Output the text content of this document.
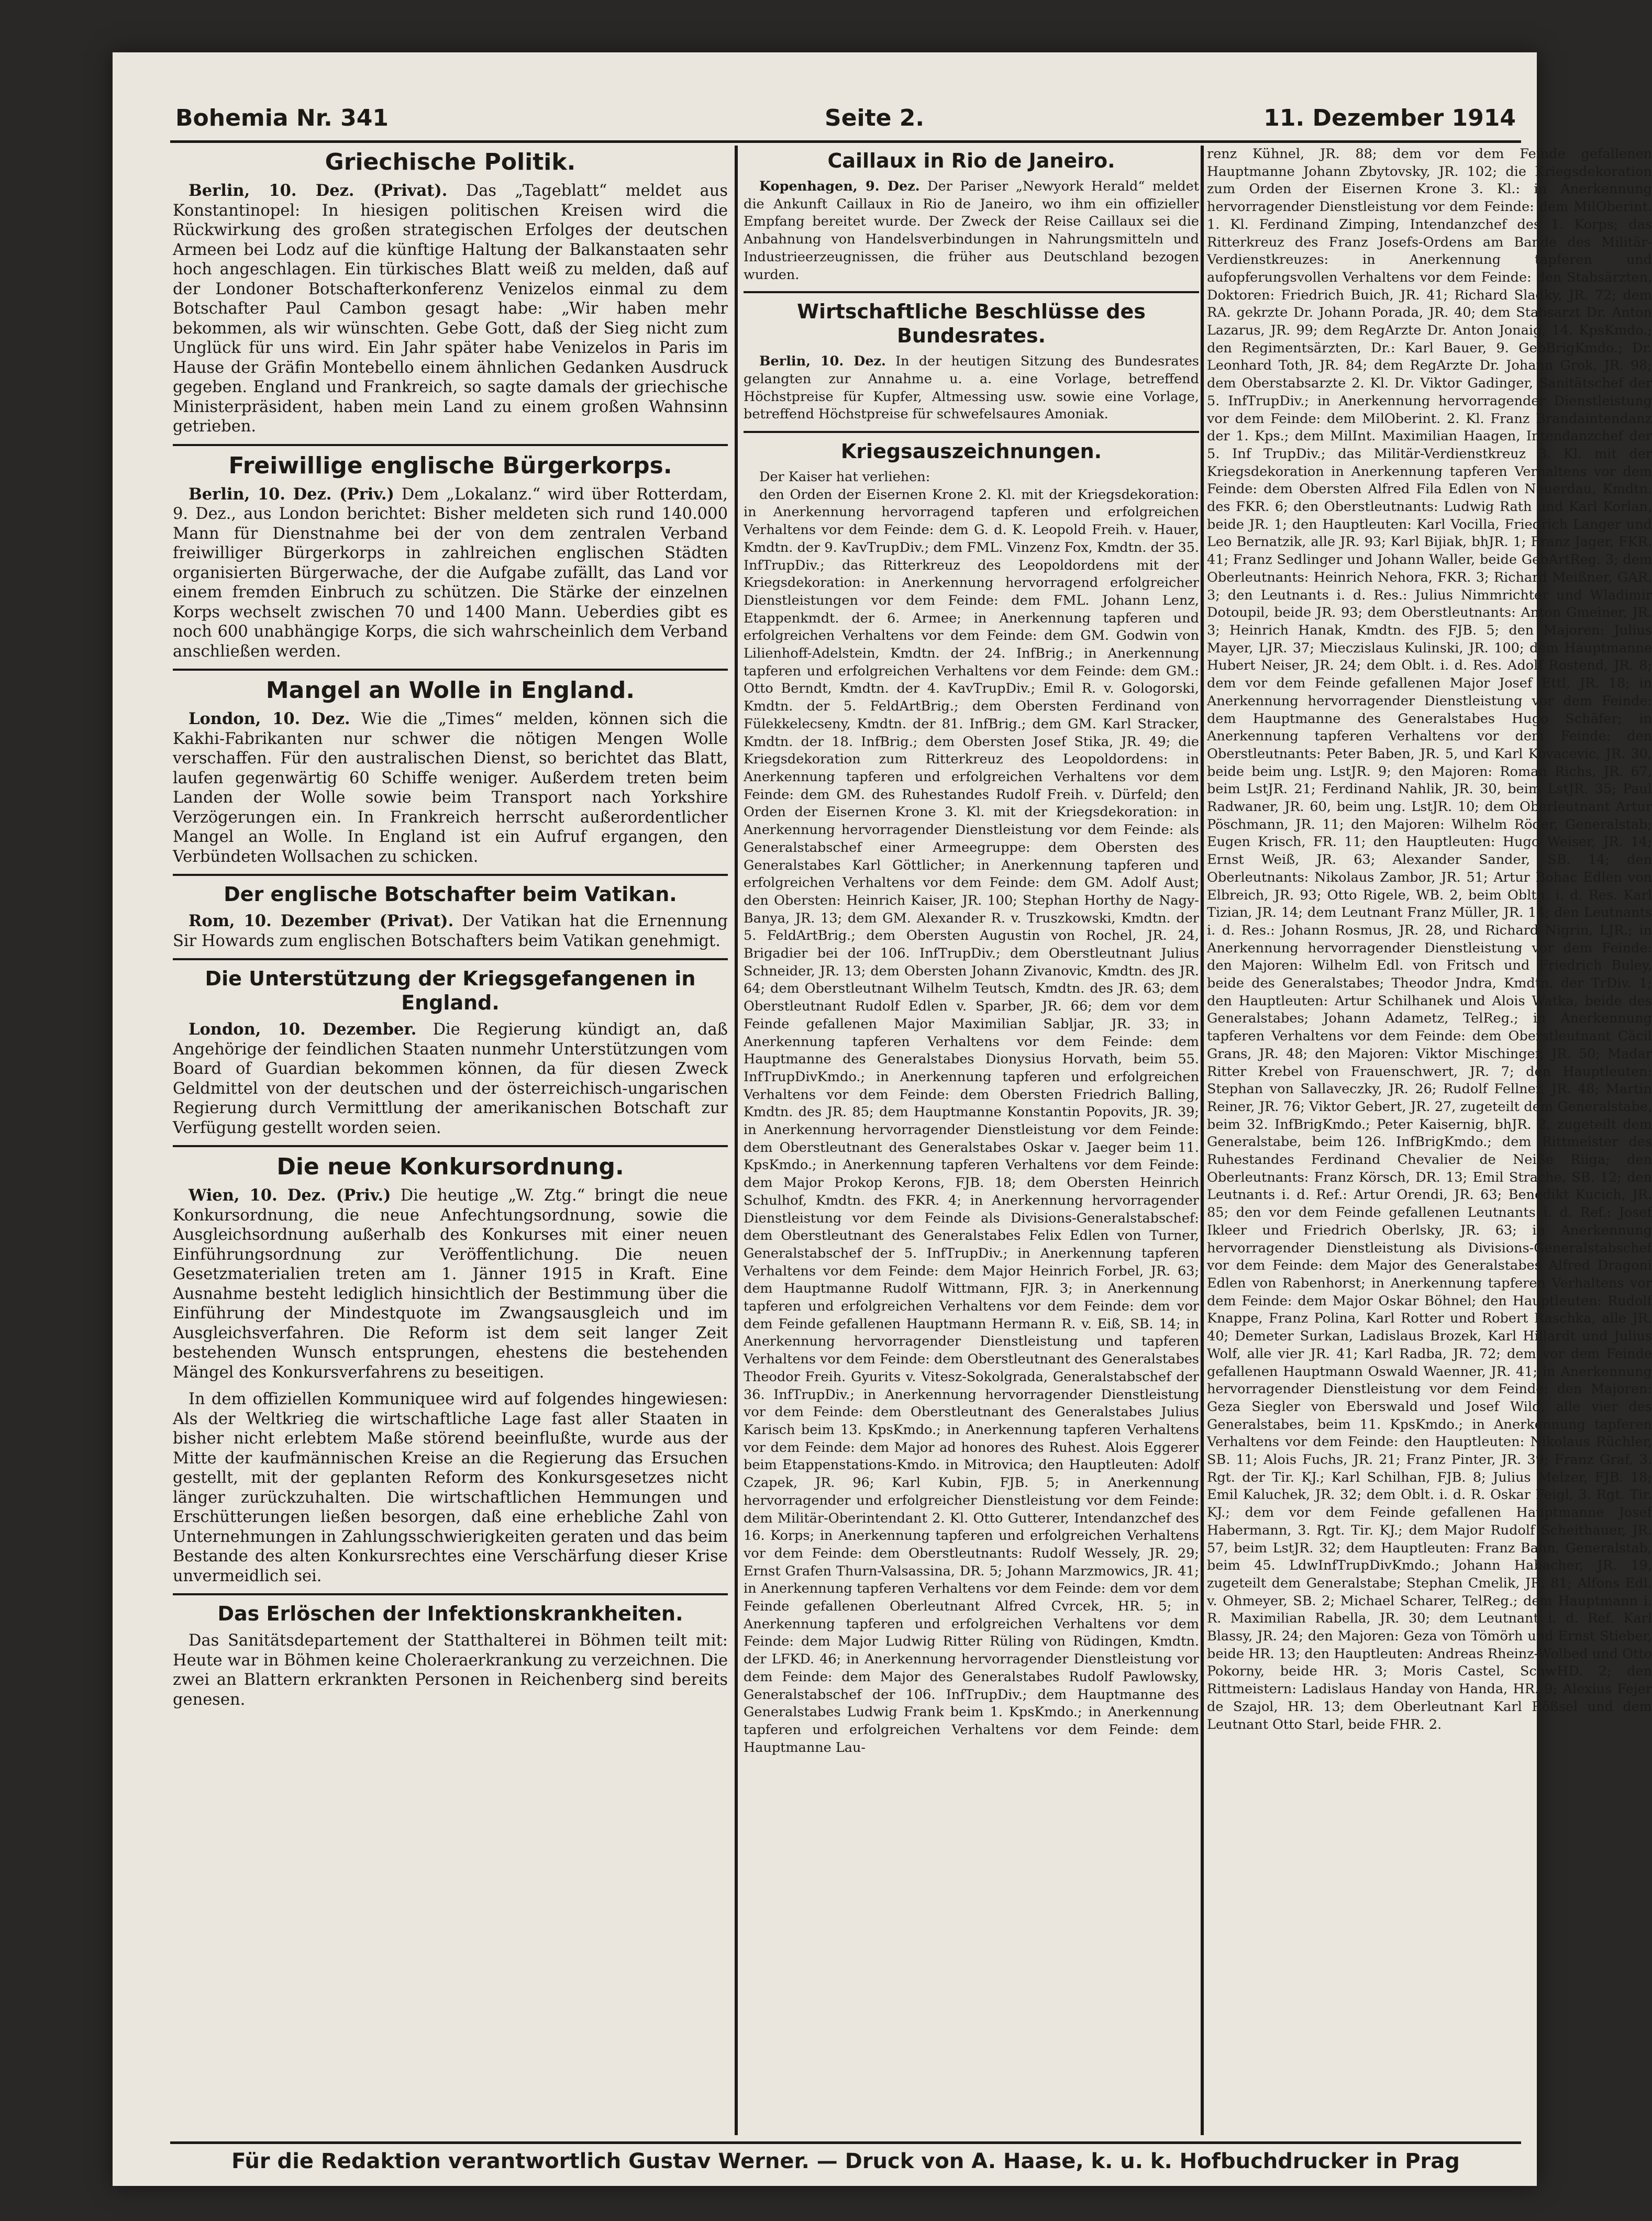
Bohemia Nr. 341	Seite 2.	11. Dezember 1914
Griechische Politik.

Berlin, 10. Dez. (Privat). Das „Tageblatt“ meldet aus Konstantinopel: In hiesigen politischen Kreisen wird die Rückwirkung des großen strategischen Erfolges der deutschen Armeen bei Lodz auf die künftige Haltung der Balkanstaaten sehr hoch angeschlagen. Ein türkisches Blatt weiß zu melden, daß auf der Londoner Botschafterkonferenz Venizelos einmal zu dem Botschafter Paul Cambon gesagt habe: „Wir haben mehr bekommen, als wir wünschten. Gebe Gott, daß der Sieg nicht zum Unglück für uns wird. Ein Jahr später habe Venizelos in Paris im Hause der Gräfin Montebello einem ähnlichen Gedanken Ausdruck gegeben. England und Frankreich, so sagte damals der griechische Ministerpräsident, haben mein Land zu einem großen Wahnsinn getrieben.

Freiwillige englische Bürgerkorps.

Berlin, 10. Dez. (Priv.) Dem „Lokalanz.“ wird über Rotterdam, 9. Dez., aus London berichtet: Bisher meldeten sich rund 140.000 Mann für Dienstnahme bei der von dem zentralen Verband freiwilliger Bürgerkorps in zahlreichen englischen Städten organisierten Bürgerwache, der die Aufgabe zufällt, das Land vor einem fremden Einbruch zu schützen. Die Stärke der einzelnen Korps wechselt zwischen 70 und 1400 Mann. Ueberdies gibt es noch 600 unabhängige Korps, die sich wahrscheinlich dem Verband anschließen werden.

Mangel an Wolle in England.

London, 10. Dez. Wie die „Times“ melden, können sich die Kakhi-Fabrikanten nur schwer die nötigen Mengen Wolle verschaffen. Für den australischen Dienst, so berichtet das Blatt, laufen gegenwärtig 60 Schiffe weniger. Außerdem treten beim Landen der Wolle sowie beim Transport nach Yorkshire Verzögerungen ein. In Frankreich herrscht außerordentlicher Mangel an Wolle. In England ist ein Aufruf ergangen, den Verbündeten Wollsachen zu schicken.

Der englische Botschafter beim Vatikan.

Rom, 10. Dezember (Privat). Der Vatikan hat die Ernennung Sir Howards zum englischen Botschafters beim Vatikan genehmigt.

Die Unterstützung der Kriegsgefangenen in England.

London, 10. Dezember. Die Regierung kündigt an, daß Angehörige der feindlichen Staaten nunmehr Unterstützungen vom Board of Guardian bekommen können, da für diesen Zweck Geldmittel von der deutschen und der österreichisch-ungarischen Regierung durch Vermittlung der amerikanischen Botschaft zur Verfügung gestellt worden seien.

Die neue Konkursordnung.

Wien, 10. Dez. (Priv.) Die heutige „W. Ztg.“ bringt die neue Konkursordnung, die neue Anfechtungsordnung, sowie die Ausgleichsordnung außerhalb des Konkurses mit einer neuen Einführungsordnung zur Veröffentlichung. Die neuen Gesetzmaterialien treten am 1. Jänner 1915 in Kraft. Eine Ausnahme besteht lediglich hinsichtlich der Bestimmung über die Einführung der Mindestquote im Zwangsausgleich und im Ausgleichsverfahren. Die Reform ist dem seit langer Zeit bestehenden Wunsch entsprungen, ehestens die bestehenden Mängel des Konkursverfahrens zu beseitigen.

In dem offiziellen Kommuniquee wird auf folgendes hingewiesen: Als der Weltkrieg die wirtschaftliche Lage fast aller Staaten in bisher nicht erlebtem Maße störend beeinflußte, wurde aus der Mitte der kaufmännischen Kreise an die Regierung das Ersuchen gestellt, mit der geplanten Reform des Konkursgesetzes nicht länger zurückzuhalten. Die wirtschaftlichen Hemmungen und Erschütterungen ließen besorgen, daß eine erhebliche Zahl von Unternehmungen in Zahlungsschwierigkeiten geraten und das beim Bestande des alten Konkursrechtes eine Verschärfung dieser Krise unvermeidlich sei.

Das Erlöschen der Infektionskrankheiten.

Das Sanitätsdepartement der Statthalterei in Böhmen teilt mit: Heute war in Böhmen keine Choleraerkrankung zu verzeichnen. Die zwei an Blattern erkrankten Personen in Reichenberg sind bereits genesen.

Caillaux in Rio de Janeiro.

Kopenhagen, 9. Dez. Der Pariser „Newyork Herald“ meldet die Ankunft Caillaux in Rio de Janeiro, wo ihm ein offizieller Empfang bereitet wurde. Der Zweck der Reise Caillaux sei die Anbahnung von Handelsverbindungen in Nahrungsmitteln und Industrieerzeugnissen, die früher aus Deutschland bezogen wurden.

Wirtschaftliche Beschlüsse des Bundesrates.

Berlin, 10. Dez. In der heutigen Sitzung des Bundesrates gelangten zur Annahme u. a. eine Vorlage, betreffend Höchstpreise für Kupfer, Altmessing usw. sowie eine Vorlage, betreffend Höchstpreise für schwefelsaures Amoniak.

Kriegsauszeichnungen.

Der Kaiser hat verliehen:

den Orden der Eisernen Krone 2. Kl. mit der Kriegsdekoration: in Anerkennung hervorragend tapferen und erfolgreichen Verhaltens vor dem Feinde: dem G. d. K. Leopold Freih. v. Hauer, Kmdtn. der 9. KavTrupDiv.; dem FML. Vinzenz Fox, Kmdtn. der 35. InfTrupDiv.; das Ritterkreuz des Leopoldordens mit der Kriegsdekoration: in Anerkennung hervorragend erfolgreicher Dienstleistungen vor dem Feinde: dem FML. Johann Lenz, Etappenkmdt. der 6. Armee; in Anerkennung tapferen und erfolgreichen Verhaltens vor dem Feinde: dem GM. Godwin von Lilienhoff-Adelstein, Kmdtn. der 24. InfBrig.; in Anerkennung tapferen und erfolgreichen Verhaltens vor dem Feinde: dem GM.: Otto Berndt, Kmdtn. der 4. KavTrupDiv.; Emil R. v. Gologorski, Kmdtn. der 5. FeldArtBrig.; dem Obersten Ferdinand von Fülekkelecseny, Kmdtn. der 81. InfBrig.; dem GM. Karl Stracker, Kmdtn. der 18. InfBrig.; dem Obersten Josef Stika, JR. 49; die Kriegsdekoration zum Ritterkreuz des Leopoldordens: in Anerkennung tapferen und erfolgreichen Verhaltens vor dem Feinde: dem GM. des Ruhestandes Rudolf Freih. v. Dürfeld; den Orden der Eisernen Krone 3. Kl. mit der Kriegsdekoration: in Anerkennung hervorragender Dienstleistung vor dem Feinde: als Generalstabschef einer Armeegruppe: dem Obersten des Generalstabes Karl Göttlicher; in Anerkennung tapferen und erfolgreichen Verhaltens vor dem Feinde: dem GM. Adolf Aust; den Obersten: Heinrich Kaiser, JR. 100; Stephan Horthy de Nagy-Banya, JR. 13; dem GM. Alexander R. v. Truszkowski, Kmdtn. der 5. FeldArtBrig.; dem Obersten Augustin von Rochel, JR. 24, Brigadier bei der 106. InfTrupDiv.; dem Oberstleutnant Julius Schneider, JR. 13; dem Obersten Johann Zivanovic, Kmdtn. des JR. 64; dem Oberstleutnant Wilhelm Teutsch, Kmdtn. des JR. 63; dem Oberstleutnant Rudolf Edlen v. Sparber, JR. 66; dem vor dem Feinde gefallenen Major Maximilian Sabljar, JR. 33; in Anerkennung tapferen Verhaltens vor dem Feinde: dem Hauptmanne des Generalstabes Dionysius Horvath, beim 55. InfTrupDivKmdo.; in Anerkennung tapferen und erfolgreichen Verhaltens vor dem Feinde: dem Obersten Friedrich Balling, Kmdtn. des JR. 85; dem Hauptmanne Konstantin Popovits, JR. 39; in Anerkennung hervorragender Dienstleistung vor dem Feinde: dem Oberstleutnant des Generalstabes Oskar v. Jaeger beim 11. KpsKmdo.; in Anerkennung tapferen Verhaltens vor dem Feinde: dem Major Prokop Kerons, FJB. 18; dem Obersten Heinrich Schulhof, Kmdtn. des FKR. 4; in Anerkennung hervorragender Dienstleistung vor dem Feinde als Divisions-Generalstabschef: dem Oberstleutnant des Generalstabes Felix Edlen von Turner, Generalstabschef der 5. InfTrupDiv.; in Anerkennung tapferen Verhaltens vor dem Feinde: dem Major Heinrich Forbel, JR. 63; dem Hauptmanne Rudolf Wittmann, FJR. 3; in Anerkennung tapferen und erfolgreichen Verhaltens vor dem Feinde: dem vor dem Feinde gefallenen Hauptmann Hermann R. v. Eiß, SB. 14; in Anerkennung hervorragender Dienstleistung und tapferen Verhaltens vor dem Feinde: dem Oberstleutnant des Generalstabes Theodor Freih. Gyurits v. Vitesz-Sokolgrada, Generalstabschef der 36. InfTrupDiv.; in Anerkennung hervorragender Dienstleistung vor dem Feinde: dem Oberstleutnant des Generalstabes Julius Karisch beim 13. KpsKmdo.; in Anerkennung tapferen Verhaltens vor dem Feinde: dem Major ad honores des Ruhest. Alois Eggerer beim Etappenstations-Kmdo. in Mitrovica; den Hauptleuten: Adolf Czapek, JR. 96; Karl Kubin, FJB. 5; in Anerkennung hervorragender und erfolgreicher Dienstleistung vor dem Feinde: dem Militär-Oberintendant 2. Kl. Otto Gutterer, Intendanzchef des 16. Korps; in Anerkennung tapferen und erfolgreichen Verhaltens vor dem Feinde: dem Oberstleutnants: Rudolf Wessely, JR. 29; Ernst Grafen Thurn-Valsassina, DR. 5; Johann Marzmowics, JR. 41; in Anerkennung tapferen Verhaltens vor dem Feinde: dem vor dem Feinde gefallenen Oberleutnant Alfred Cvrcek, HR. 5; in Anerkennung tapferen und erfolgreichen Verhaltens vor dem Feinde: dem Major Ludwig Ritter Rüling von Rüdingen, Kmdtn. der LFKD. 46; in Anerkennung hervorragender Dienstleistung vor dem Feinde: dem Major des Generalstabes Rudolf Pawlowsky, Generalstabschef der 106. InfTrupDiv.; dem Hauptmanne des Generalstabes Ludwig Frank beim 1. KpsKmdo.; in Anerkennung tapferen und erfolgreichen Verhaltens vor dem Feinde: dem Hauptmanne Lau-

renz Kühnel, JR. 88; dem vor dem Feinde gefallenen Hauptmanne Johann Zbytovsky, JR. 102; die Kriegsdekoration zum Orden der Eisernen Krone 3. Kl.: in Anerkennung hervorragender Dienstleistung vor dem Feinde: dem MilOberint. 1. Kl. Ferdinand Zimping, Intendanzchef des 1. Korps; das Ritterkreuz des Franz Josefs-Ordens am Bande des Militär-Verdienstkreuzes: in Anerkennung tapferen und aufopferungsvollen Verhaltens vor dem Feinde: den Stabsärzten, Doktoren: Friedrich Buich, JR. 41; Richard Sladky, JR. 72; dem RA. gekrzte Dr. Johann Porada, JR. 40; dem Stabsarzt Dr. Anton Lazarus, JR. 99; dem RegArzte Dr. Anton Jonaig, 14. KpsKmdo.; den Regimentsärzten, Dr.: Karl Bauer, 9. GebBrigKmdo.; Dr. Leonhard Toth, JR. 84; dem RegArzte Dr. Johann Grok, JR. 98; dem Oberstabsarzte 2. Kl. Dr. Viktor Gadinger, Sanitätschef der 5. InfTrupDiv.; in Anerkennung hervorragender Dienstleistung vor dem Feinde: dem MilOberint. 2. Kl. Franz Brandaintendanz der 1. Kps.; dem MilInt. Maximilian Haagen, Intendanzchef der 5. Inf TrupDiv.; das Militär-Verdienstkreuz 3. Kl. mit der Kriegsdekoration in Anerkennung tapferen Verhaltens vor dem Feinde: dem Obersten Alfred Fila Edlen von Neuerdau, Kmdtn. des FKR. 6; den Oberstleutnants: Ludwig Rath und Karl Korlan, beide JR. 1; den Hauptleuten: Karl Vocilla, Friedrich Langer und Leo Bernatzik, alle JR. 93; Karl Bijiak, bhJR. 1; Franz Jager, FKR. 41; Franz Sedlinger und Johann Waller, beide GebArtReg. 3; dem Oberleutnants: Heinrich Nehora, FKR. 3; Richard Meißner, GAR. 3; den Leutnants i. d. Res.: Julius Nimmrichter und Wladimir Dotoupil, beide JR. 93; dem Oberstleutnants: Anton Gmeiner, JR. 3; Heinrich Hanak, Kmdtn. des FJB. 5; den Majoren: Julius Mayer, LJR. 37; Mieczislaus Kulinski, JR. 100; dem Hauptmanne Hubert Neiser, JR. 24; dem Oblt. i. d. Res. Adolf Rostend, JR. 8; dem vor dem Feinde gefallenen Major Josef Ettl, JR. 18; in Anerkennung hervorragender Dienstleistung vor dem Feinde: dem Hauptmanne des Generalstabes Hugo Schäfer; in Anerkennung tapferen Verhaltens vor dem Feinde: den Oberstleutnants: Peter Baben, JR. 5, und Karl Kovacevic, JR. 30, beide beim ung. LstJR. 9; den Majoren: Roman Richs, JR. 67, beim LstJR. 21; Ferdinand Nahlik, JR. 30, beim LstJR. 35; Paul Radwaner, JR. 60, beim ung. LstJR. 10; dem Oberleutnant Artur Pöschmann, JR. 11; den Majoren: Wilhelm Röder, Generalstab; Eugen Krisch, FR. 11; den Hauptleuten: Hugo Weiser, JR. 14; Ernst Weiß, JR. 63; Alexander Sander, SB. 14; den Oberleutnants: Nikolaus Zambor, JR. 51; Artur Bohac Edlen von Elbreich, JR. 93; Otto Rigele, WB. 2, beim Obltn. i. d. Res. Karl Tizian, JR. 14; dem Leutnant Franz Müller, JR. 14; den Leutnants i. d. Res.: Johann Rosmus, JR. 28, und Richard Nigrin, LJR.; in Anerkennung hervorragender Dienstleistung vor dem Feinde: den Majoren: Wilhelm Edl. von Fritsch und Friedrich Buley, beide des Generalstabes; Theodor Jndra, Kmdtn. der TrDiv. 1; den Hauptleuten: Artur Schilhanek und Alois Watka, beide des Generalstabes; Johann Adametz, TelReg.; in Anerkennung tapferen Verhaltens vor dem Feinde: dem Oberstleutnant Cäcil Grans, JR. 48; den Majoren: Viktor Mischinger, JR. 50; Madar Ritter Krebel von Frauenschwert, JR. 7; den Hauptleuten: Stephan von Sallaveczky, JR. 26; Rudolf Fellner, JR. 48; Martin Reiner, JR. 76; Viktor Gebert, JR. 27, zugeteilt dem Generalstabe, beim 32. InfBrigKmdo.; Peter Kaisernig, bhJR. 2, zugeteilt dem Generalstabe, beim 126. InfBrigKmdo.; dem Rittmeister des Ruhestandes Ferdinand Chevalier de Neiße Riiga; den Oberleutnants: Franz Körsch, DR. 13; Emil Strache, SB. 12; den Leutnants i. d. Ref.: Artur Orendi, JR. 63; Benedikt Kucich, JR. 85; den vor dem Feinde gefallenen Leutnants i. d. Ref.: Josef Ikleer und Friedrich Oberlsky, JR. 63; in Anerkennung hervorragender Dienstleistung als Divisions-Generalstabschef vor dem Feinde: dem Major des Generalstabes Alfred Dragoni Edlen von Rabenhorst; in Anerkennung tapferen Verhaltens vor dem Feinde: dem Major Oskar Böhnel; den Hauptleuten: Rudolf Knappe, Franz Polina, Karl Rotter und Robert Raschka, alle JR. 40; Demeter Surkan, Ladislaus Brozek, Karl Hillardt und Julius Wolf, alle vier JR. 41; Karl Radba, JR. 72; dem vor dem Feinde gefallenen Hauptmann Oswald Waenner, JR. 41; in Anerkennung hervorragender Dienstleistung vor dem Feinde: den Majoren: Geza Siegler von Eberswald und Josef Wild, alle vier des Generalstabes, beim 11. KpsKmdo.; in Anerkennung tapferen Verhaltens vor dem Feinde: den Hauptleuten: Nikolaus Rüchler, SB. 11; Alois Fuchs, JR. 21; Franz Pinter, JR. 39; Franz Graf, 3. Rgt. der Tir. KJ.; Karl Schilhan, FJB. 8; Julius Melzer, FJB. 18; Emil Kaluchek, JR. 32; dem Oblt. i. d. R. Oskar Feigl, 3. Rgt. Tir. KJ.; dem vor dem Feinde gefallenen Hauptmanne Josef Habermann, 3. Rgt. Tir. KJ.; dem Major Rudolf Scheithauer, JR. 57, beim LstJR. 32; dem Hauptleuten: Franz Bahn, Generalstab, beim 45. LdwInfTrupDivKmdo.; Johann Habacher, JR. 19, zugeteilt dem Generalstabe; Stephan Cmelik, JR. 81; Alfons Edl. v. Ohmeyer, SB. 2; Michael Scharer, TelReg.; dem Hauptmann i. R. Maximilian Rabella, JR. 30; dem Leutnant i. d. Ref. Karl Blassy, JR. 24; den Majoren: Geza von Tömörh und Ernst Stieber, beide HR. 13; den Hauptleuten: Andreas Rheinz-Wolbed und Otto Pokorny, beide HR. 3; Moris Castel, SchwHD. 2; den Rittmeistern: Ladislaus Handay von Handa, HR. 9; Alexius Fejer de Szajol, HR. 13; dem Oberleutnant Karl Rößsel und dem Leutnant Otto Starl, beide FHR. 2.

Für die Redaktion verantwortlich Gustav Werner. — Druck von A. Haase, k. u. k. Hofbuchdrucker in Prag
